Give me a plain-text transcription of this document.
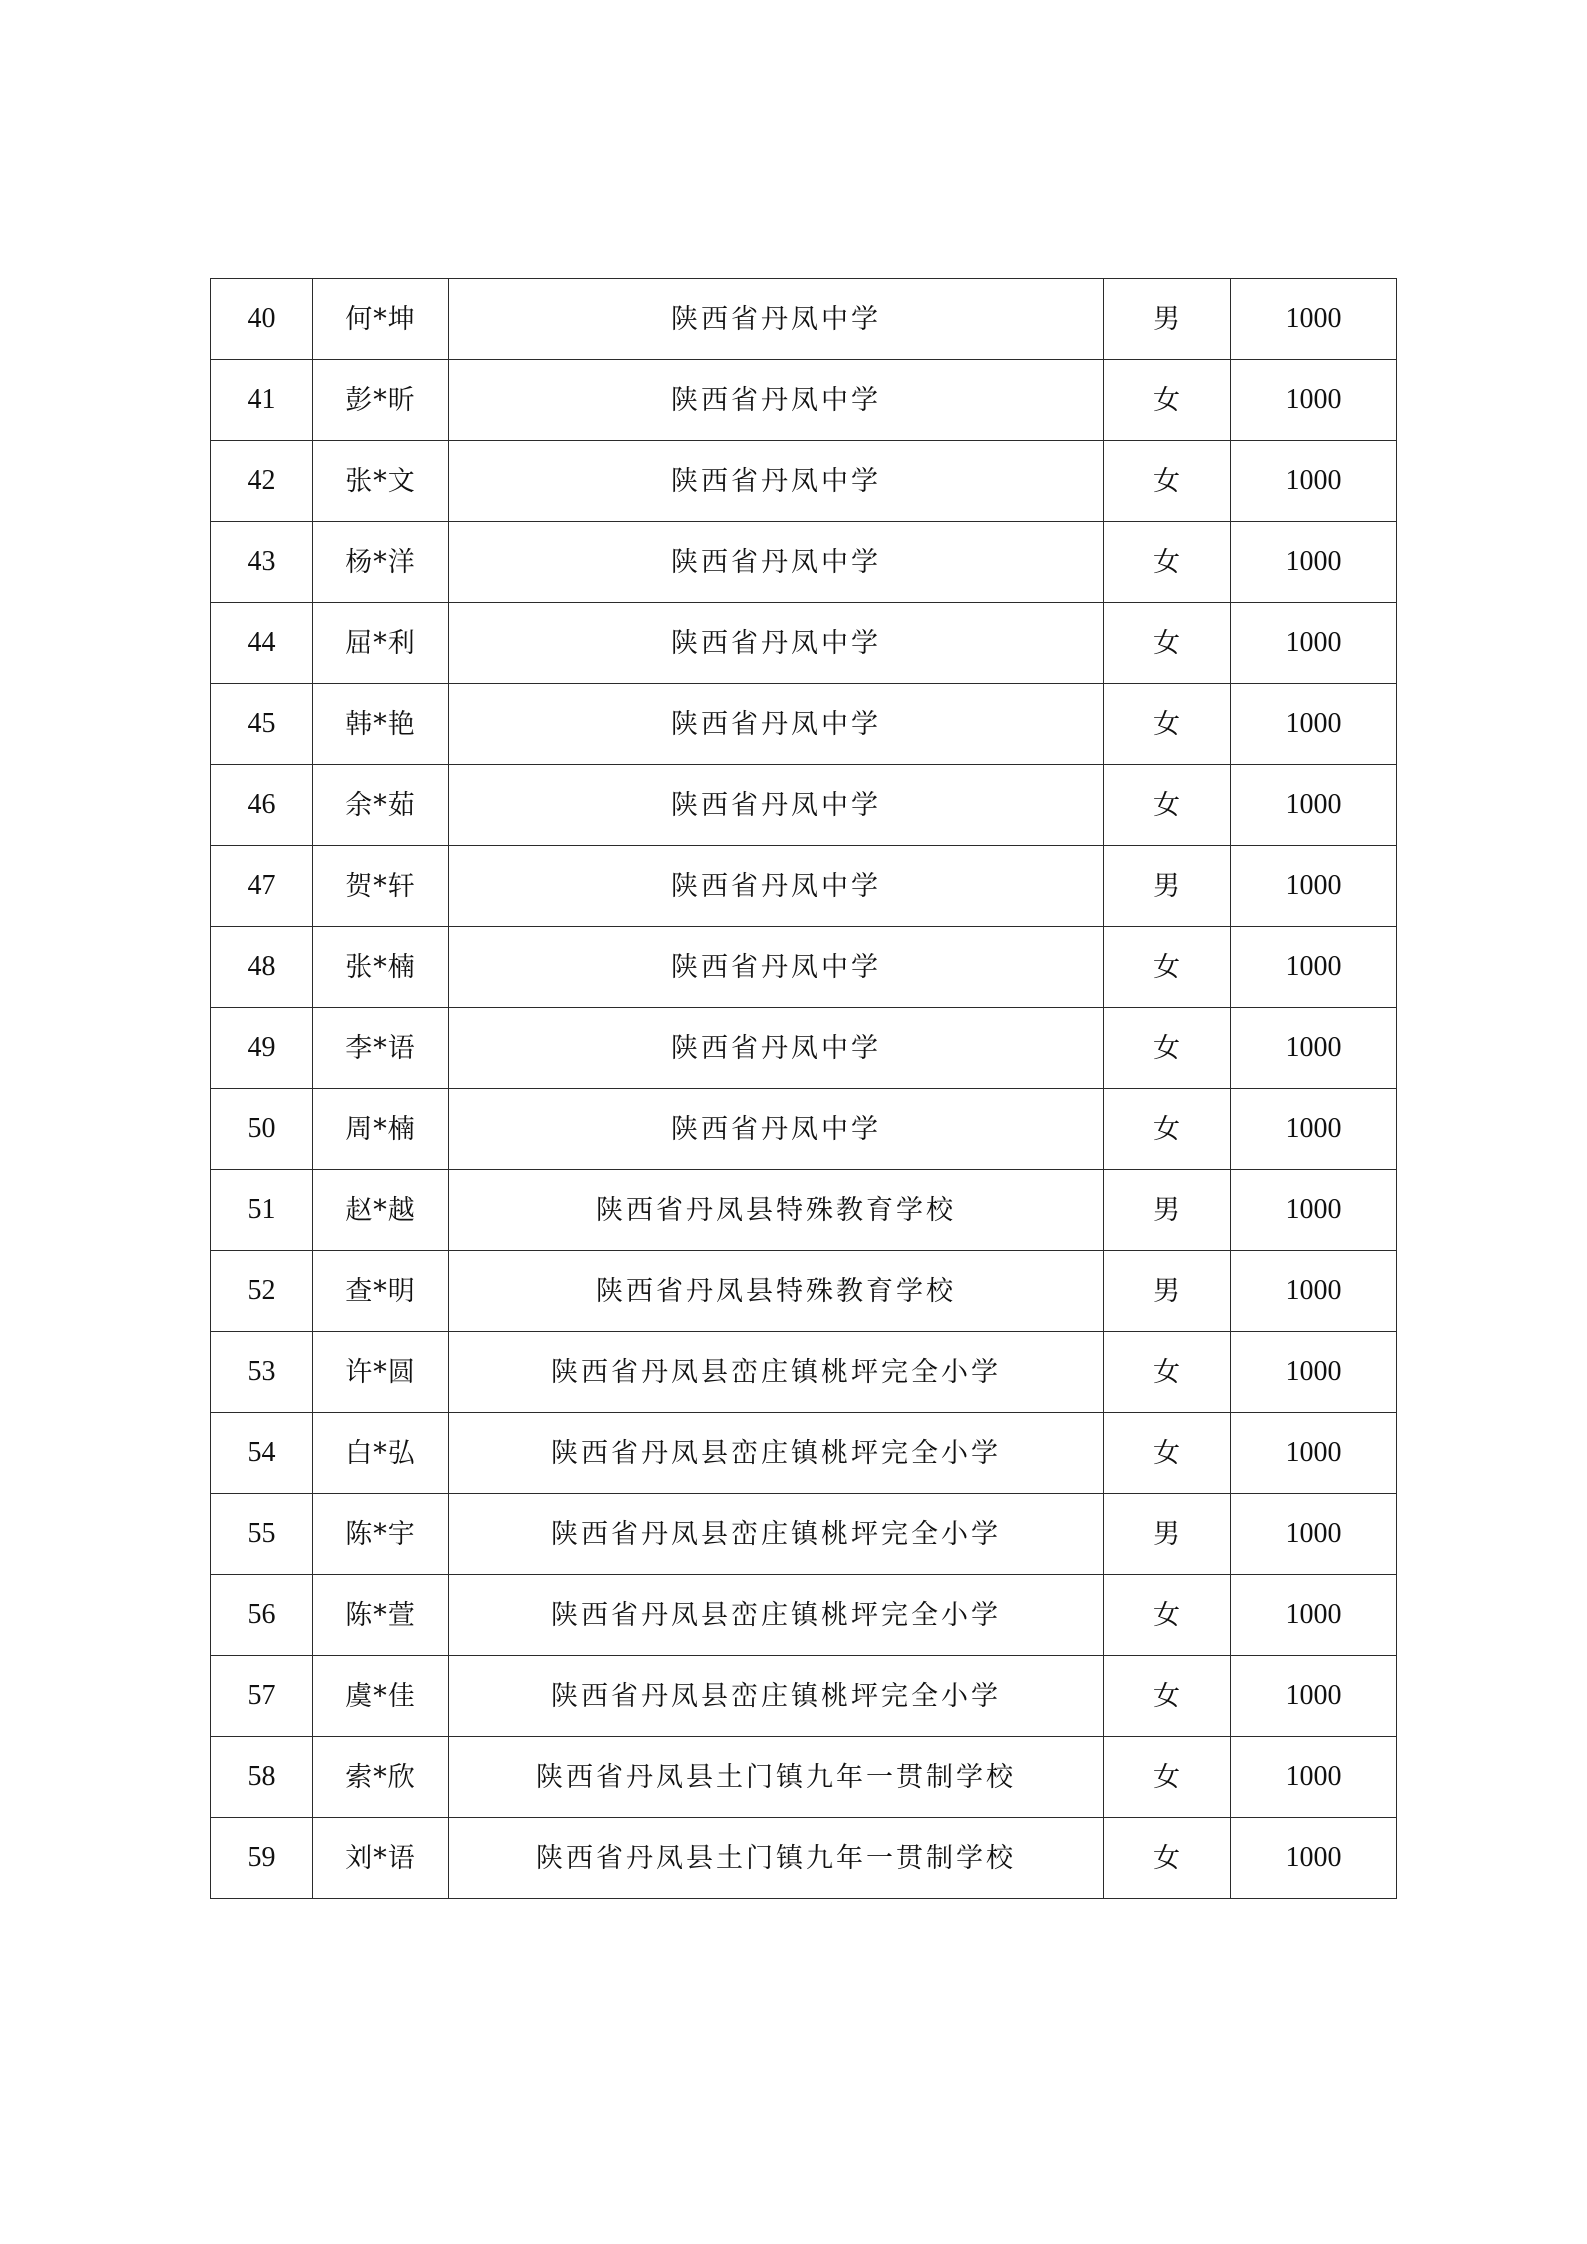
40	何*坤	陕西省丹凤中学	男	1000
41	彭*昕	陕西省丹凤中学	女	1000
42	张*文	陕西省丹凤中学	女	1000
43	杨*洋	陕西省丹凤中学	女	1000
44	屈*利	陕西省丹凤中学	女	1000
45	韩*艳	陕西省丹凤中学	女	1000
46	余*茹	陕西省丹凤中学	女	1000
47	贺*轩	陕西省丹凤中学	男	1000
48	张*楠	陕西省丹凤中学	女	1000
49	李*语	陕西省丹凤中学	女	1000
50	周*楠	陕西省丹凤中学	女	1000
51	赵*越	陕西省丹凤县特殊教育学校	男	1000
52	查*明	陕西省丹凤县特殊教育学校	男	1000
53	许*圆	陕西省丹凤县峦庄镇桃坪完全小学	女	1000
54	白*弘	陕西省丹凤县峦庄镇桃坪完全小学	女	1000
55	陈*宇	陕西省丹凤县峦庄镇桃坪完全小学	男	1000
56	陈*萱	陕西省丹凤县峦庄镇桃坪完全小学	女	1000
57	虞*佳	陕西省丹凤县峦庄镇桃坪完全小学	女	1000
58	索*欣	陕西省丹凤县土门镇九年一贯制学校	女	1000
59	刘*语	陕西省丹凤县土门镇九年一贯制学校	女	1000
